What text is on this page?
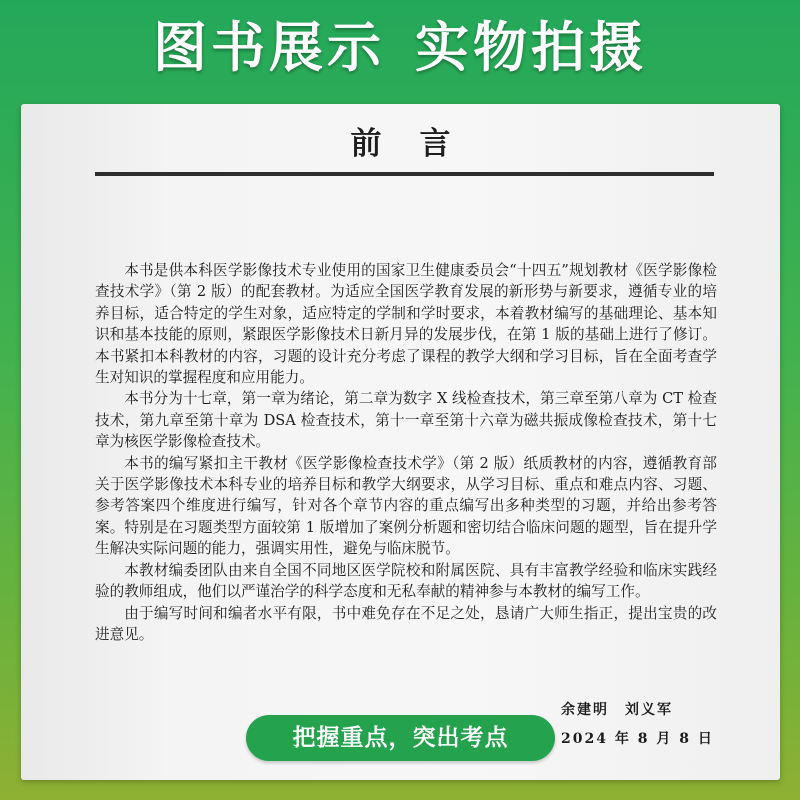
图书展示 实物拍摄
前言

本书是供本科医学影像技术专业使用的国家卫生健康委员会“十四五”规划教材《医学影像检查技术学》（第 2 版）的配套教材。为适应全国医学教育发展的新形势与新要求，遵循专业的培养目标，适合特定的学生对象，适应特定的学制和学时要求，本着教材编写的基础理论、基本知识和基本技能的原则，紧跟医学影像技术日新月异的发展步伐，在第 1 版的基础上进行了修订。本书紧扣本科教材的内容，习题的设计充分考虑了课程的教学大纲和学习目标，旨在全面考查学生对知识的掌握程度和应用能力。

本书分为十七章，第一章为绪论，第二章为数字 X 线检查技术，第三章至第八章为 CT 检查技术，第九章至第十章为 DSA 检查技术，第十一章至第十六章为磁共振成像检查技术，第十七章为核医学影像检查技术。

本书的编写紧扣主干教材《医学影像检查技术学》（第 2 版）纸质教材的内容，遵循教育部关于医学影像技术本科专业的培养目标和教学大纲要求，从学习目标、重点和难点内容、习题、参考答案四个维度进行编写，针对各个章节内容的重点编写出多种类型的习题，并给出参考答案。特别是在习题类型方面较第 1 版增加了案例分析题和密切结合临床问题的题型，旨在提升学生解决实际问题的能力，强调实用性，避免与临床脱节。

本教材编委团队由来自全国不同地区医学院校和附属医院、具有丰富教学经验和临床实践经验的教师组成，他们以严谨治学的科学态度和无私奉献的精神参与本教材的编写工作。

由于编写时间和编者水平有限，书中难免存在不足之处，恳请广大师生指正，提出宝贵的改进意见。

余建明　刘义军
2024 年 8 月 8 日
把握重点，突出考点
